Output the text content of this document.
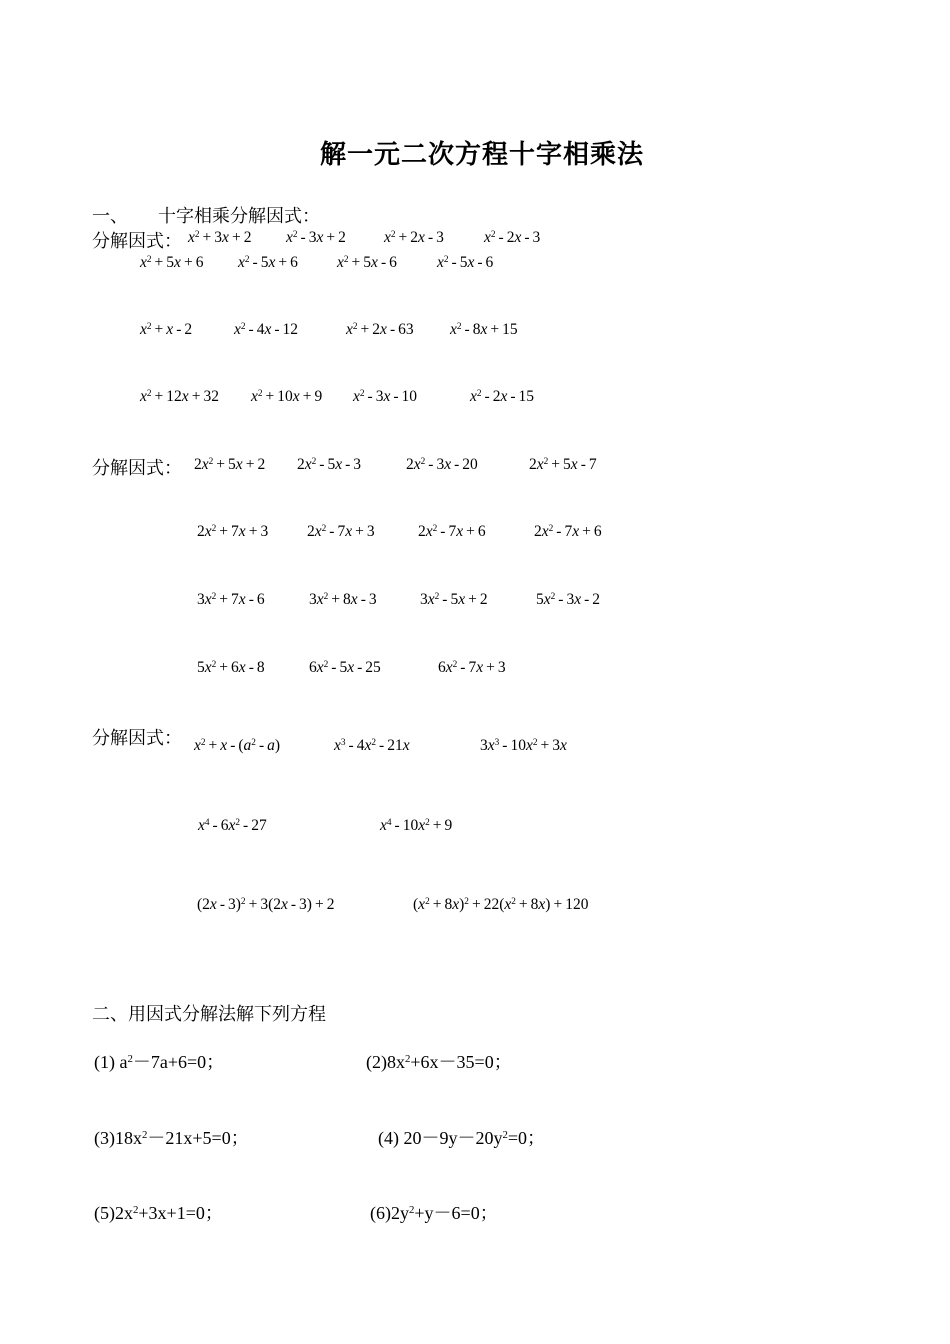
解一元二次方程十字相乘法
一、 十字相乘分解因式：
分解因式：
分解因式：
分解因式：
$x^2 + 3x + 2$ $x^2 - 3x + 2$ $x^2 + 2x - 3$	$x^2 - 2x - 3$
$x^2 + 5x + 6$ $x^2 - 5x + 6$	$x^2 + 5x - 6$	$x^2 - 5x - 6$
$x^2 + x - 2$	$x^2 - 4x - 12$	$x^2 + 2x - 63$ $x^2 - 8x + 15$
$x^2 + 12x + 32$ $x^2 + 10x + 9$ $x^2 - 3x - 10$	$x^2 - 2x - 15$
$2x^2 + 5x + 2$ $2x^2 - 5x - 3$	$2x^2 - 3x - 20$	$2x^2 + 5x - 7$
$2x^2 + 7x + 3$	$2x^2 - 7x + 3$	$2x^2 - 7x + 6$	$2x^2 - 7x + 6$
$3x^2 + 7x - 6$	$3x^2 + 8x - 3$	$3x^2 - 5x + 2$	$5x^2 - 3x - 2$
$5x^2 + 6x - 8$	$6x^2 - 5x - 25$	$6x^2 - 7x + 3$
$x^2 + x - (a^2 - a)$	$x^3 - 4x^2 - 21x$	$3x^3 - 10x^2 + 3x$
$x^4 - 6x^2 - 27$	$x^4 - 10x^2 + 9$
(2x - 3)$^2$ + 3(2x - 3) + 2	$(x^2 + 8x)^2 + 22(x^2 + 8x) + 120$
二、用因式分解法解下列方程
(1) $a^2-7a+6=0$；	$(2)8x^2+6x-35=0$；
$(3)18x^2-21x+5=0$；	(4) $20-9y-20y^2=0$；
$(5)2x^2+3x+1=0$；	$(6)2y^2+y-6=0$；
